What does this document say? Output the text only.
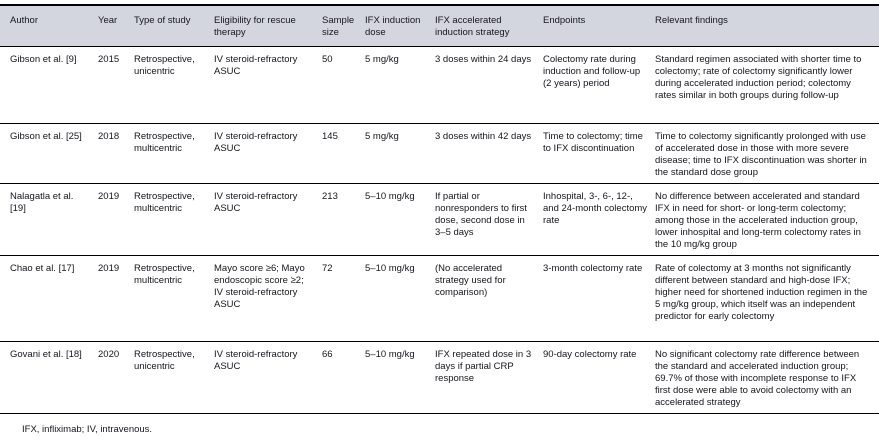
Author	Year	Type of study	Eligibility for rescue therapy	Sample size	IFX induction dose	IFX accelerated induction strategy	Endpoints	Relevant findings
Gibson et al. [9]	2015	Retrospective, unicentric	IV steroid-refractory ASUC	50	5 mg/kg	3 doses within 24 days	Colectomy rate during induction and follow-up (2 years) period	Standard regimen associated with shorter time to colectomy; rate of colectomy significantly lower during accelerated induction period; colectomy rates similar in both groups during follow-up
Gibson et al. [25]	2018	Retrospective, multicentric	IV steroid-refractory ASUC	145	5 mg/kg	3 doses within 42 days	Time to colectomy; time to IFX discontinuation	Time to colectomy significantly prolonged with use of accelerated dose in those with more severe disease; time to IFX discontinuation was shorter in the standard dose group
Nalagatla et al. [19]	2019	Retrospective, multicentric	IV steroid-refractory ASUC	213	5–10 mg/kg	If partial or nonresponders to first dose, second dose in 3–5 days	Inhospital, 3-, 6-, 12-, and 24-month colectomy rate	No difference between accelerated and standard IFX in need for short- or long-term colectomy; among those in the accelerated induction group, lower inhospital and long-term colectomy rates in the 10 mg/kg group
Chao et al. [17]	2019	Retrospective, multicentric	Mayo score ≥6; Mayo endoscopic score ≥2; IV steroid-refractory ASUC	72	5–10 mg/kg	(No accelerated strategy used for comparison)	3-month colectomy rate	Rate of colectomy at 3 months not significantly different between standard and high-dose IFX; higher need for shortened induction regimen in the 5 mg/kg group, which itself was an independent predictor for early colectomy
Govani et al. [18]	2020	Retrospective, unicentric	IV steroid-refractory ASUC	66	5–10 mg/kg	IFX repeated dose in 3 days if partial CRP response	90-day colectomy rate	No significant colectomy rate difference between the standard and accelerated induction group; 69.7% of those with incomplete response to IFX first dose were able to avoid colectomy with an accelerated strategy
IFX, infliximab; IV, intravenous.
